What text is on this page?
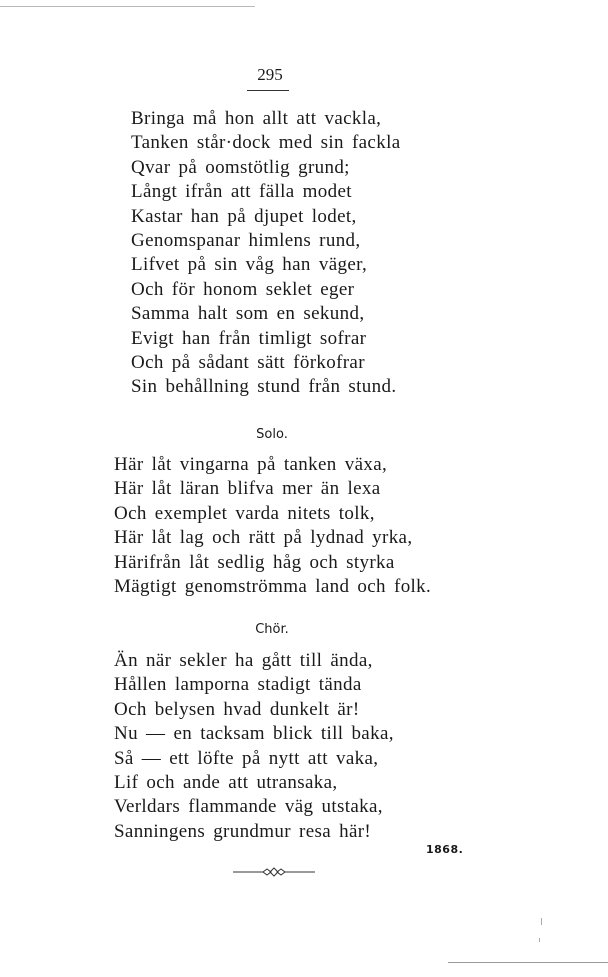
295
Bringa må hon allt att vackla,
Tanken står·dock med sin fackla
Qvar på oomstötlig grund;
Långt ifrån att fälla modet
Kastar han på djupet lodet,
Genomspanar himlens rund,
Lifvet på sin våg han väger,
Och för honom seklet eger
Samma halt som en sekund,
Evigt han från timligt sofrar
Och på sådant sätt förkofrar
Sin behållning stund från stund.
Solo.
Här låt vingarna på tanken växa,
Här låt läran blifva mer än lexa
Och exemplet varda nitets tolk,
Här låt lag och rätt på lydnad yrka,
Härifrån låt sedlig håg och styrka
Mägtigt genomströmma land och folk.
Chör.
Än när sekler ha gått till ända,
Hållen lamporna stadigt tända
Och belysen hvad dunkelt är!
Nu — en tacksam blick till baka,
Så — ett löfte på nytt att vaka,
Lif och ande att utransaka,
Verldars flammande väg utstaka,
Sanningens grundmur resa här!
1868.
